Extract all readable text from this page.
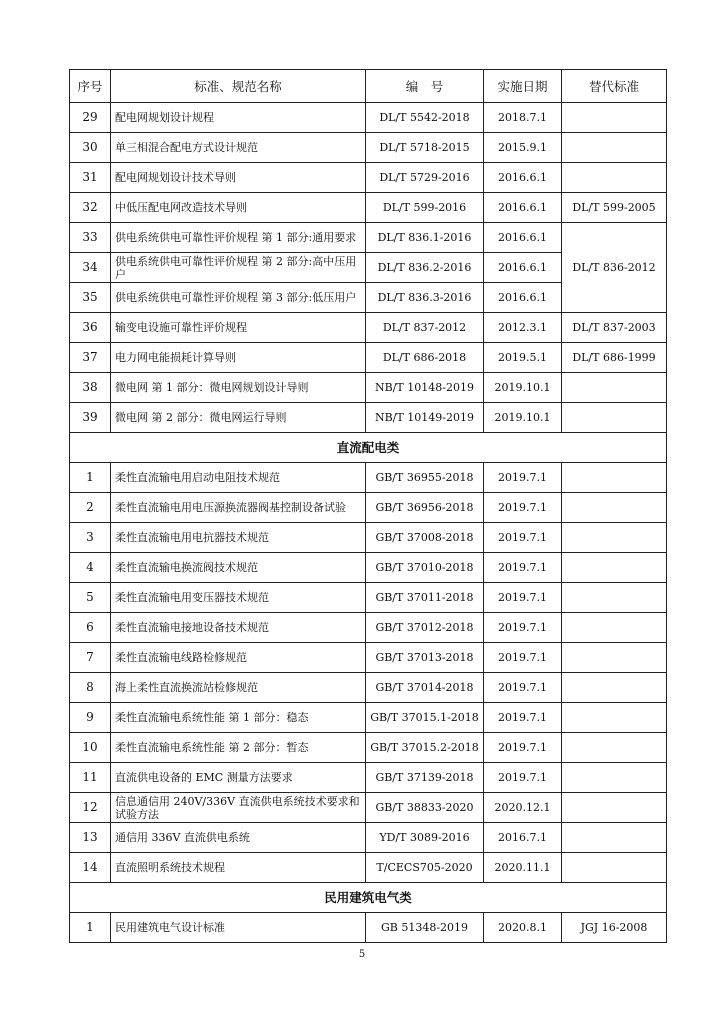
序号	标准、规范名称	编　号	实施日期	替代标准
29	配电网规划设计规程	DL/T 5542-2018	2018.7.1	
30	单三相混合配电方式设计规范	DL/T 5718-2015	2015.9.1	
31	配电网规划设计技术导则	DL/T 5729-2016	2016.6.1	
32	中低压配电网改造技术导则	DL/T 599-2016	2016.6.1	DL/T 599-2005
33	供电系统供电可靠性评价规程 第 1 部分:通用要求	DL/T 836.1-2016	2016.6.1	DL/T 836-2012
34	供电系统供电可靠性评价规程 第 2 部分:高中压用户	DL/T 836.2-2016	2016.6.1	
35	供电系统供电可靠性评价规程 第 3 部分:低压用户	DL/T 836.3-2016	2016.6.1	
36	输变电设施可靠性评价规程	DL/T 837-2012	2012.3.1	DL/T 837-2003
37	电力网电能损耗计算导则	DL/T 686-2018	2019.5.1	DL/T 686-1999
38	微电网 第 1 部分：微电网规划设计导则	NB/T 10148-2019	2019.10.1	
39	微电网 第 2 部分：微电网运行导则	NB/T 10149-2019	2019.10.1	
直流配电类				
1	柔性直流输电用启动电阻技术规范	GB/T 36955-2018	2019.7.1	
2	柔性直流输电用电压源换流器阀基控制设备试验	GB/T 36956-2018	2019.7.1	
3	柔性直流输电用电抗器技术规范	GB/T 37008-2018	2019.7.1	
4	柔性直流输电换流阀技术规范	GB/T 37010-2018	2019.7.1	
5	柔性直流输电用变压器技术规范	GB/T 37011-2018	2019.7.1	
6	柔性直流输电接地设备技术规范	GB/T 37012-2018	2019.7.1	
7	柔性直流输电线路检修规范	GB/T 37013-2018	2019.7.1	
8	海上柔性直流换流站检修规范	GB/T 37014-2018	2019.7.1	
9	柔性直流输电系统性能 第 1 部分：稳态	GB/T 37015.1-2018	2019.7.1	
10	柔性直流输电系统性能 第 2 部分：暂态	GB/T 37015.2-2018	2019.7.1	
11	直流供电设备的 EMC 测量方法要求	GB/T 37139-2018	2019.7.1	
12	信息通信用 240V/336V 直流供电系统技术要求和试验方法	GB/T 38833-2020	2020.12.1	
13	通信用 336V 直流供电系统	YD/T 3089-2016	2016.7.1	
14	直流照明系统技术规程	T/CECS705-2020	2020.11.1	
民用建筑电气类				
1	民用建筑电气设计标准	GB 51348-2019	2020.8.1	JGJ 16-2008
5
